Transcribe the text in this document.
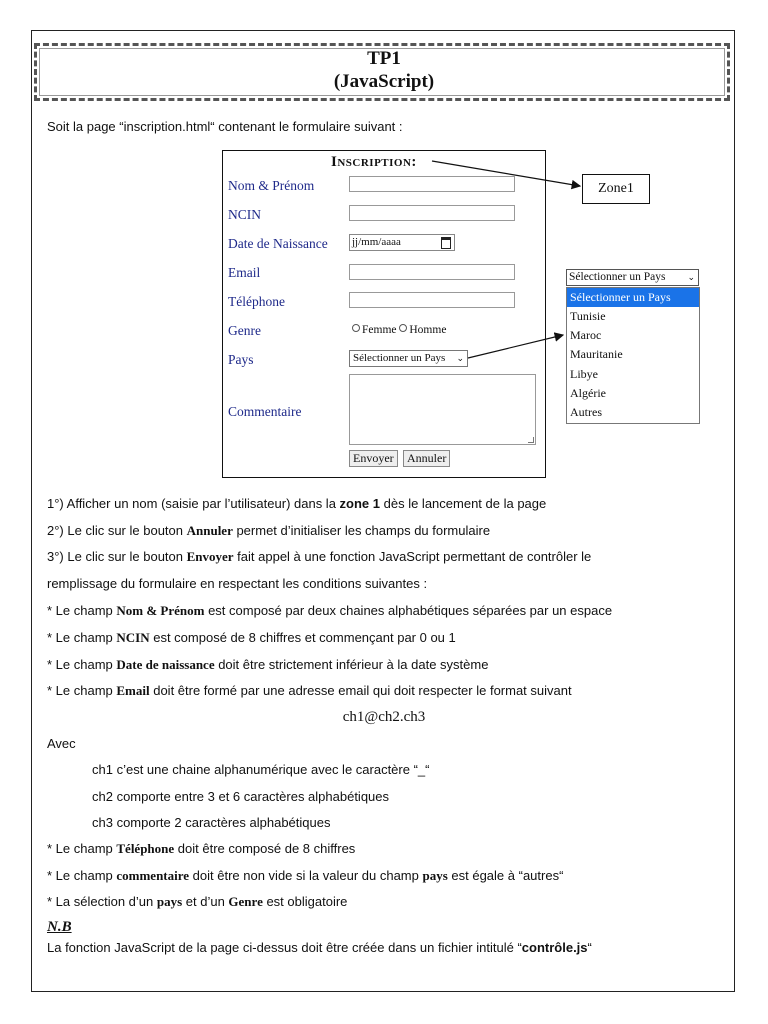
TP1
(JavaScript)
Soit la page “inscription.html“ contenant le formulaire suivant :
Inscription:
Nom & Prénom
NCIN
Date de Naissance jj/mm/aaaa
Email
Téléphone
Genre	Femme Homme
Pays	Sélectionner un Pays ⌄
Commentaire
Envoyer	Annuler
Zone1
Sélectionner un Pays ⌄
Sélectionner un Pays
Tunisie
Maroc
Mauritanie
Libye
Algérie
Autres
1°) Afficher un nom (saisie par l’utilisateur) dans la zone 1 dès le lancement de la page
2°) Le clic sur le bouton Annuler permet d’initialiser les champs du formulaire
3°) Le clic sur le bouton Envoyer fait appel à une fonction JavaScript permettant de contrôler le
remplissage du formulaire en respectant les conditions suivantes :
* Le champ Nom & Prénom est composé par deux chaines alphabétiques séparées par un espace
* Le champ NCIN est composé de 8 chiffres et commençant par 0 ou 1
* Le champ Date de naissance doit être strictement inférieur à la date système
* Le champ Email doit être formé par une adresse email qui doit respecter le format suivant
ch1@ch2.ch3
Avec
ch1 c’est une chaine alphanumérique avec le caractère “_“
ch2 comporte entre 3 et 6 caractères alphabétiques
ch3 comporte 2 caractères alphabétiques
* Le champ Téléphone doit être composé de 8 chiffres
* Le champ commentaire doit être non vide si la valeur du champ pays est égale à “autres“
* La sélection d’un pays et d’un Genre est obligatoire
N.B
La fonction JavaScript de la page ci-dessus doit être créée dans un fichier intitulé “contrôle.js“
